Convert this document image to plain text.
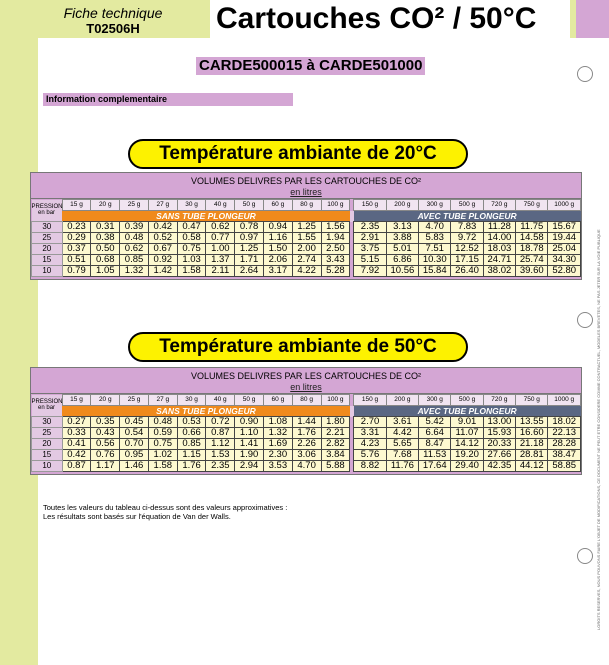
Fiche technique
T02506H	Cartouches CO² / 50°C
CARDE500015 à CARDE501000
Information complementaire
Température ambiante de 20°C
VOLUMES DELIVRES PAR LES CARTOUCHES DE CO²
en litres
PRESSION en bar	15 g	20 g	25 g	27 g	30 g	40 g	50 g	60 g	80 g	100 g		150 g	200 g	300 g	500 g	720 g	750 g	1000 g
	SANS TUBE PLONGEUR											AVEC TUBE PLONGEUR						
30	0.23	0.31	0.39	0.42	0.47	0.62	0.78	0.94	1.25	1.56		2.35	3.13	4.70	7.83	11.28	11.75	15.67
25	0.29	0.38	0.48	0.52	0.58	0.77	0.97	1.16	1.55	1.94		2.91	3.88	5.83	9.72	14.00	14.58	19.44
20	0.37	0.50	0.62	0.67	0.75	1.00	1.25	1.50	2.00	2.50		3.75	5.01	7.51	12.52	18.03	18.78	25.04
15	0.51	0.68	0.85	0.92	1.03	1.37	1.71	2.06	2.74	3.43		5.15	6.86	10.30	17.15	24.71	25.74	34.30
10	0.79	1.05	1.32	1.42	1.58	2.11	2.64	3.17	4.22	5.28		7.92	10.56	15.84	26.40	38.02	39.60	52.80
Température ambiante de 50°C
VOLUMES DELIVRES PAR LES CARTOUCHES DE CO²
en litres
PRESSION en bar	15 g	20 g	25 g	27 g	30 g	40 g	50 g	60 g	80 g	100 g		150 g	200 g	300 g	500 g	720 g	750 g	1000 g
	SANS TUBE PLONGEUR											AVEC TUBE PLONGEUR						
30	0.27	0.35	0.45	0.48	0.53	0.72	0.90	1.08	1.44	1.80		2.70	3.61	5.42	9.01	13.00	13.55	18.02
25	0.33	0.43	0.54	0.59	0.66	0.87	1.10	1.32	1.76	2.21		3.31	4.42	6.64	11.07	15.93	16.60	22.13
20	0.41	0.56	0.70	0.75	0.85	1.12	1.41	1.69	2.26	2.82		4.23	5.65	8.47	14.12	20.33	21.18	28.28
15	0.42	0.76	0.95	1.02	1.15	1.53	1.90	2.30	3.06	3.84		5.76	7.68	11.53	19.20	27.66	28.81	38.47
10	0.87	1.17	1.46	1.58	1.76	2.35	2.94	3.53	4.70	5.88		8.82	11.76	17.64	29.40	42.35	44.12	58.85
Toutes les valeurs du tableau ci-dessus sont des valeurs approximatives :
Les résultats sont basés sur l'équation de Van der Walls.	LOROITS RESERVES, NOUS POUVONS FAIRE L'OBJET DE MODIFICATIONS, CE DOCUMENT NE PEUT ETRE CONSIDERE COMME CONTRACTUEL, MODELES BREVETES, NE PAS JETER SUR LA VOIE PUBLIQUE
